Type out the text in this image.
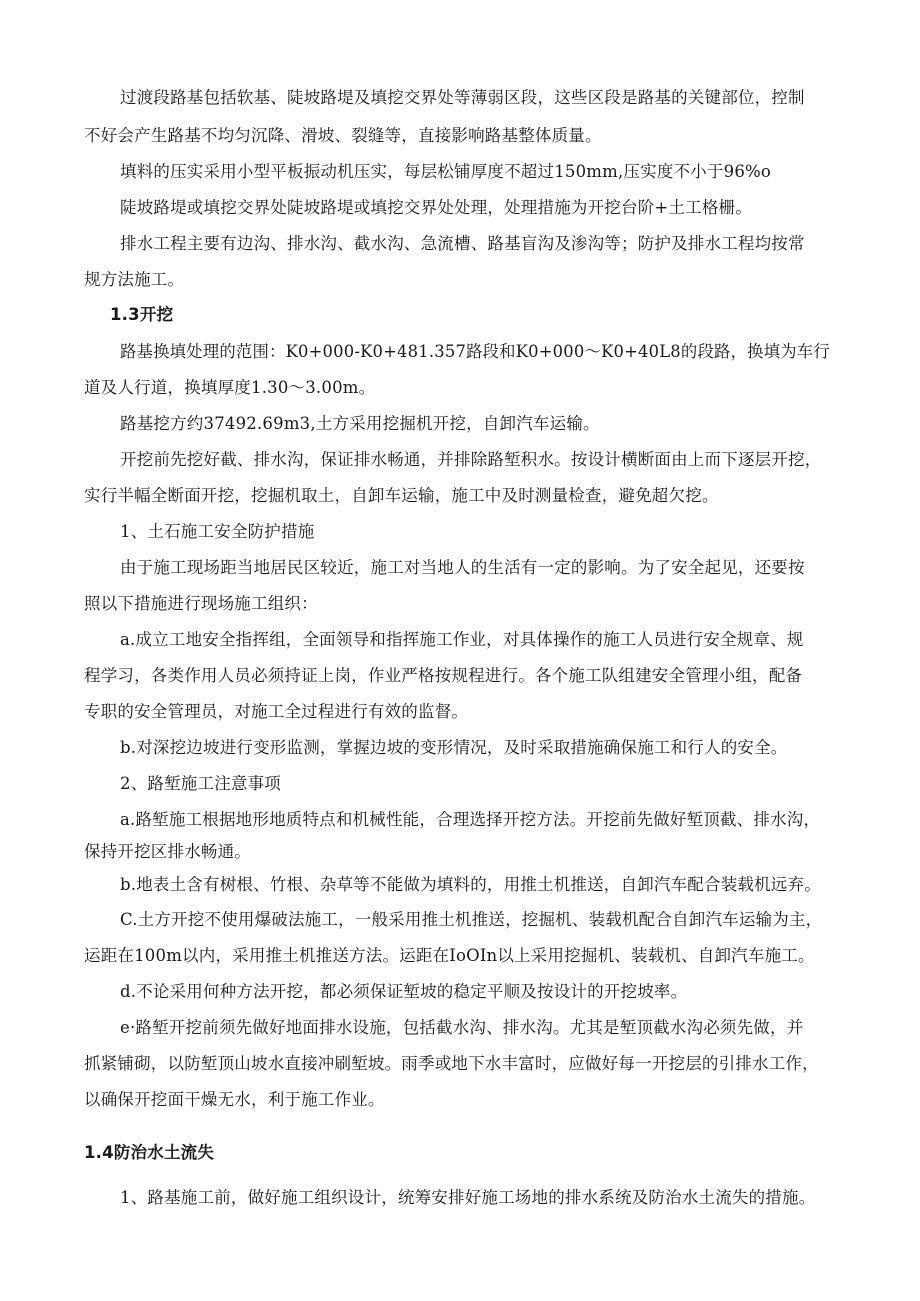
过渡段路基包括软基、陡坡路堤及填挖交界处等薄弱区段，这些区段是路基的关键部位，控制
不好会产生路基不均匀沉降、滑坡、裂缝等，直接影响路基整体质量。
填料的压实采用小型平板振动机压实，每层松铺厚度不超过150mm,压实度不小于96%o
陡坡路堤或填挖交界处陡坡路堤或填挖交界处处理，处理措施为开挖台阶+土工格栅。
排水工程主要有边沟、排水沟、截水沟、急流槽、路基盲沟及渗沟等；防护及排水工程均按常
规方法施工。
1.3开挖
路基换填处理的范围：K0+000-K0+481.357路段和K0+000～K0+40L8的段路，换填为车行
道及人行道，换填厚度1.30～3.00m。
路基挖方约37492.69m3,土方采用挖掘机开挖，自卸汽车运输。
开挖前先挖好截、排水沟，保证排水畅通，并排除路堑积水。按设计横断面由上而下逐层开挖，
实行半幅全断面开挖，挖掘机取土，自卸车运输，施工中及时测量检查，避免超欠挖。
1、土石施工安全防护措施
由于施工现场距当地居民区较近，施工对当地人的生活有一定的影响。为了安全起见，还要按
照以下措施进行现场施工组织：
a.成立工地安全指挥组，全面领导和指挥施工作业，对具体操作的施工人员进行安全规章、规
程学习，各类作用人员必须持证上岗，作业严格按规程进行。各个施工队组建安全管理小组，配备
专职的安全管理员，对施工全过程进行有效的监督。
b.对深挖边坡进行变形监测，掌握边坡的变形情况，及时采取措施确保施工和行人的安全。
2、路堑施工注意事项
a.路堑施工根据地形地质特点和机械性能，合理选择开挖方法。开挖前先做好堑顶截、排水沟，
保持开挖区排水畅通。
b.地表土含有树根、竹根、杂草等不能做为填料的，用推土机推送，自卸汽车配合装载机远弃。
C.土方开挖不使用爆破法施工，一般采用推土机推送，挖掘机、装载机配合自卸汽车运输为主，
运距在100m以内，采用推土机推送方法。运距在IoOIn以上采用挖掘机、装载机、自卸汽车施工。
d.不论采用何种方法开挖，都必须保证堑坡的稳定平顺及按设计的开挖坡率。
e·路堑开挖前须先做好地面排水设施，包括截水沟、排水沟。尤其是堑顶截水沟必须先做，并
抓紧铺砌，以防堑顶山坡水直接冲刷堑坡。雨季或地下水丰富时，应做好每一开挖层的引排水工作，
以确保开挖面干燥无水，利于施工作业。
1.4防治水土流失
1、路基施工前，做好施工组织设计，统筹安排好施工场地的排水系统及防治水土流失的措施。
